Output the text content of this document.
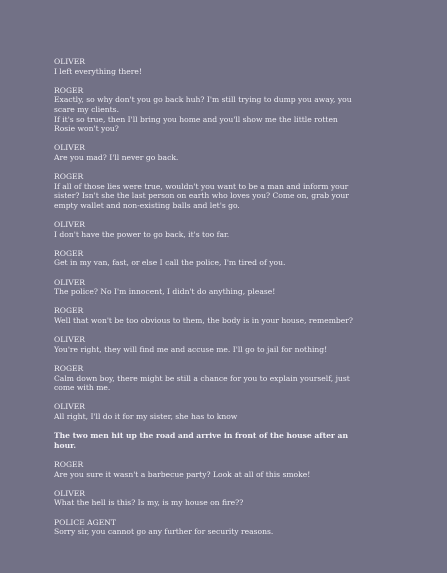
OLIVER
I left everything there!
ROGER
Exactly, so why don't you go back huh? I'm still trying to dump you away, you scare my clients.
If it's so true, then I'll bring you home and you'll show me the little rotten Rosie won't you?
OLIVER
Are you mad? I'll never go back.
ROGER
If all of those lies were true, wouldn't you want to be a man and inform your sister? Isn't she the last person on earth who loves you? Come on, grab your empty wallet and non-existing balls and let's go.
OLIVER
I don't have the power to go back, it's too far.
ROGER
Get in my van, fast, or else I call the police, I'm tired of you.
OLIVER
The police? No I'm innocent, I didn't do anything, please!
ROGER
Well that won't be too obvious to them, the body is in your house, remember?
OLIVER
You're right, they will find me and accuse me. I'll go to jail for nothing!
ROGER
Calm down boy, there might be still a chance for you to explain yourself, just come with me.
OLIVER
All right, I'll do it for my sister, she has to know
The two men hit up the road and arrive in front of the house after an hour.
ROGER
Are you sure it wasn't a barbecue party? Look at all of this smoke!
OLIVER
What the hell is this? Is my, is my house on fire??
POLICE AGENT
Sorry sir, you cannot go any further for security reasons.
